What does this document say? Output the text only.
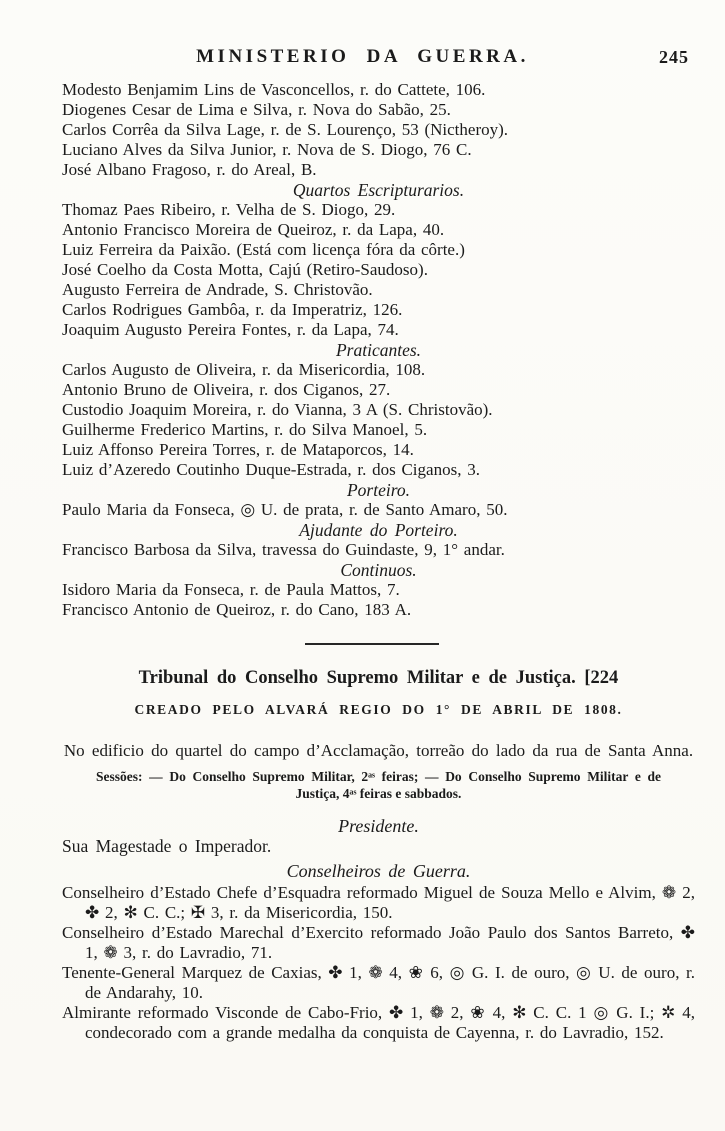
MINISTERIO DA GUERRA.	245

Modesto Benjamim Lins de Vasconcellos, r. do Cattete, 106.

Diogenes Cesar de Lima e Silva, r. Nova do Sabão, 25.

Carlos Corrêa da Silva Lage, r. de S. Lourenço, 53 (Nictheroy).

Luciano Alves da Silva Junior, r. Nova de S. Diogo, 76 C.

José Albano Fragoso, r. do Areal, B.

Quartos Escripturarios.

Thomaz Paes Ribeiro, r. Velha de S. Diogo, 29.

Antonio Francisco Moreira de Queiroz, r. da Lapa, 40.

Luiz Ferreira da Paixão. (Está com licença fóra da côrte.)

José Coelho da Costa Motta, Cajú (Retiro-Saudoso).

Augusto Ferreira de Andrade, S. Christovão.

Carlos Rodrigues Gambôa, r. da Imperatriz, 126.

Joaquim Augusto Pereira Fontes, r. da Lapa, 74.

Praticantes.

Carlos Augusto de Oliveira, r. da Misericordia, 108.

Antonio Bruno de Oliveira, r. dos Ciganos, 27.

Custodio Joaquim Moreira, r. do Vianna, 3 A (S. Christovão).

Guilherme Frederico Martins, r. do Silva Manoel, 5.

Luiz Affonso Pereira Torres, r. de Mataporcos, 14.

Luiz d’Azeredo Coutinho Duque-Estrada, r. dos Ciganos, 3.

Porteiro.

Paulo Maria da Fonseca, ◎ U. de prata, r. de Santo Amaro, 50.

Ajudante do Porteiro.

Francisco Barbosa da Silva, travessa do Guindaste, 9, 1° andar.

Continuos.

Isidoro Maria da Fonseca, r. de Paula Mattos, 7.

Francisco Antonio de Queiroz, r. do Cano, 183 A.

Tribunal do Conselho Supremo Militar e de Justiça. [224

CREADO PELO ALVARÁ REGIO DO 1° DE ABRIL DE 1808.

No edificio do quartel do campo d’Acclamação, torreão do lado da rua de Santa Anna.

Sessões: — Do Conselho Supremo Militar, 2ᵃˢ feiras; — Do Conselho Supremo Militar e de Justiça, 4ᵃˢ feiras e sabbados.

Presidente.

Sua Magestade o Imperador.

Conselheiros de Guerra.

Conselheiro d’Estado Chefe d’Esquadra reformado Miguel de Souza Mello e Alvim, ❁ 2, ✤ 2, ✻ C. C.; ✠ 3, r. da Misericordia, 150.

Conselheiro d’Estado Marechal d’Exercito reformado João Paulo dos Santos Barreto, ✤ 1, ❁ 3, r. do Lavradio, 71.

Tenente-General Marquez de Caxias, ✤ 1, ❁ 4, ❀ 6, ◎ G. I. de ouro, ◎ U. de ouro, r. de Andarahy, 10.

Almirante reformado Visconde de Cabo-Frio, ✤ 1, ❁ 2, ❀ 4, ✻ C. C. 1 ◎ G. I.; ✲ 4, condecorado com a grande medalha da conquista de Cayenna, r. do Lavradio, 152.
